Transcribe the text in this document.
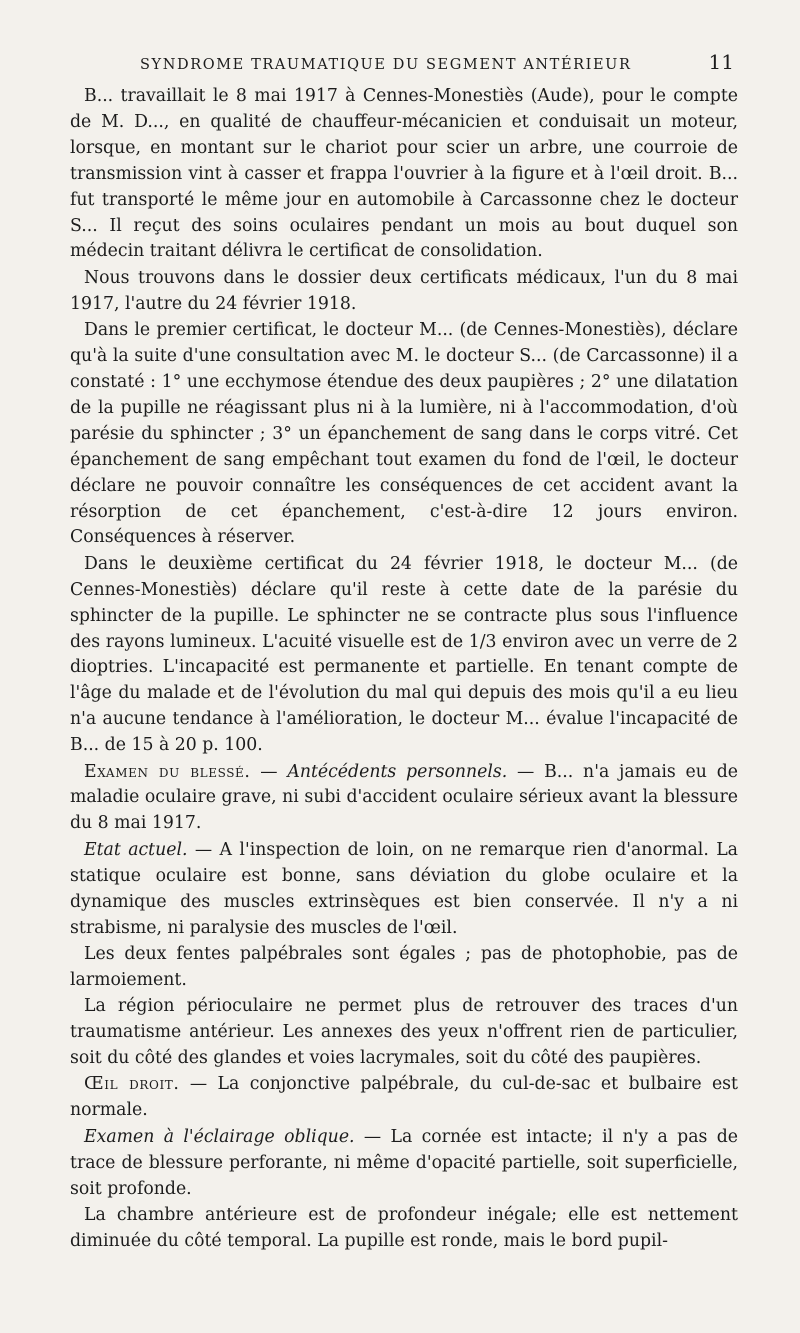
SYNDROME TRAUMATIQUE DU SEGMENT ANTÉRIEUR	11

B... travaillait le 8 mai 1917 à Cennes-Monestiès (Aude), pour le compte de M. D..., en qualité de chauffeur-mécanicien et conduisait un moteur, lorsque, en montant sur le chariot pour scier un arbre, une courroie de transmission vint à casser et frappa l'ouvrier à la figure et à l'œil droit. B... fut transporté le même jour en automobile à Carcassonne chez le docteur S... Il reçut des soins oculaires pendant un mois au bout duquel son médecin traitant délivra le certificat de consolidation.

Nous trouvons dans le dossier deux certificats médicaux, l'un du 8 mai 1917, l'autre du 24 février 1918.

Dans le premier certificat, le docteur M... (de Cennes-Monestiès), déclare qu'à la suite d'une consultation avec M. le docteur S... (de Carcassonne) il a constaté : 1° une ecchymose étendue des deux paupières ; 2° une dilatation de la pupille ne réagissant plus ni à la lumière, ni à l'accommodation, d'où parésie du sphincter ; 3° un épanchement de sang dans le corps vitré. Cet épanchement de sang empêchant tout examen du fond de l'œil, le docteur déclare ne pouvoir connaître les conséquences de cet accident avant la résorption de cet épanchement, c'est-à-dire 12 jours environ. Conséquences à réserver.

Dans le deuxième certificat du 24 février 1918, le docteur M... (de Cennes-Monestiès) déclare qu'il reste à cette date de la parésie du sphincter de la pupille. Le sphincter ne se contracte plus sous l'influence des rayons lumineux. L'acuité visuelle est de 1/3 environ avec un verre de 2 dioptries. L'incapacité est permanente et partielle. En tenant compte de l'âge du malade et de l'évolution du mal qui depuis des mois qu'il a eu lieu n'a aucune tendance à l'amélioration, le docteur M... évalue l'incapacité de B... de 15 à 20 p. 100.

Examen du blessé. — Antécédents personnels. — B... n'a jamais eu de maladie oculaire grave, ni subi d'accident oculaire sérieux avant la blessure du 8 mai 1917.

Etat actuel. — A l'inspection de loin, on ne remarque rien d'anormal. La statique oculaire est bonne, sans déviation du globe oculaire et la dynamique des muscles extrinsèques est bien conservée. Il n'y a ni strabisme, ni paralysie des muscles de l'œil.

Les deux fentes palpébrales sont égales ; pas de photophobie, pas de larmoiement.

La région périoculaire ne permet plus de retrouver des traces d'un traumatisme antérieur. Les annexes des yeux n'offrent rien de particulier, soit du côté des glandes et voies lacrymales, soit du côté des paupières.

Œil droit. — La conjonctive palpébrale, du cul-de-sac et bulbaire est normale.

Examen à l'éclairage oblique. — La cornée est intacte; il n'y a pas de trace de blessure perforante, ni même d'opacité partielle, soit superficielle, soit profonde.

La chambre antérieure est de profondeur inégale; elle est nettement diminuée du côté temporal. La pupille est ronde, mais le bord pupil-
